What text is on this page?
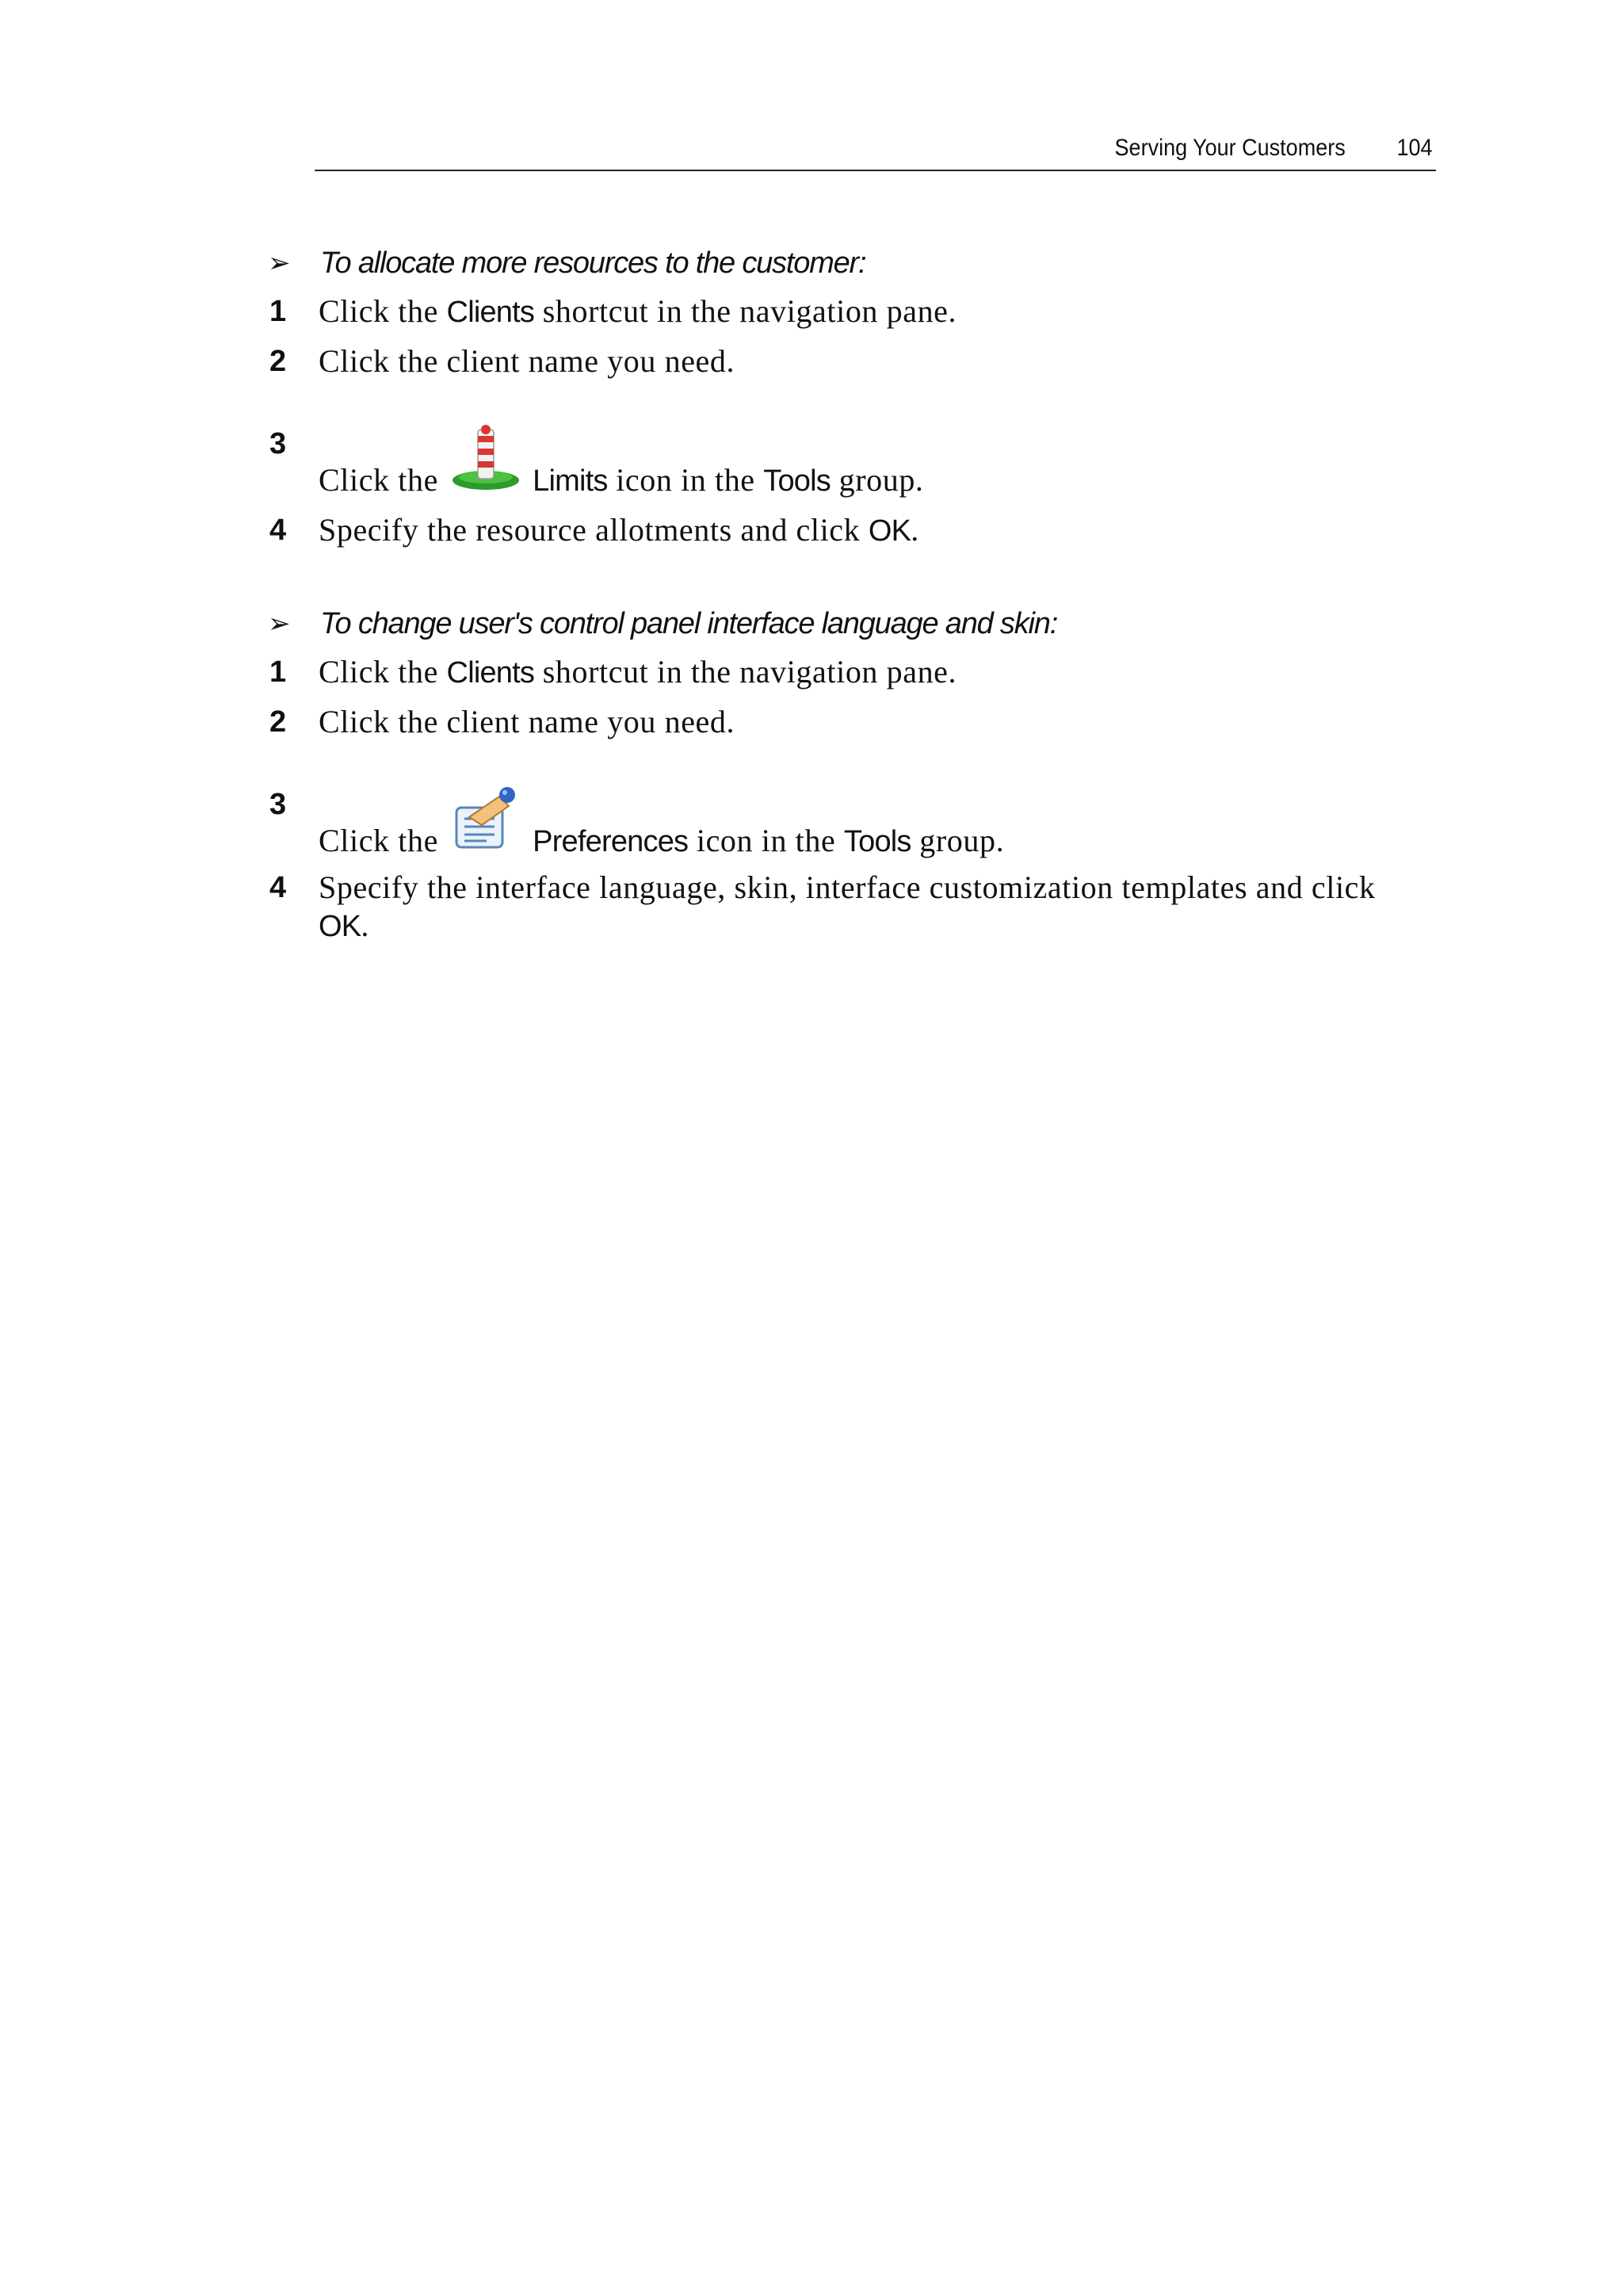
Serving Your Customers 104
➢ To allocate more resources to the customer:
1 Click the Clients shortcut in the navigation pane.
2 Click the client name you need.
3
Click the	Limits icon in the Tools group.
4 Specify the resource allotments and click OK.
➢ To change user's control panel interface language and skin:
1 Click the Clients shortcut in the navigation pane.
2 Click the client name you need.
3
Click the	Preferences icon in the Tools group.
4 Specify the interface language, skin, interface customization templates and click OK.
